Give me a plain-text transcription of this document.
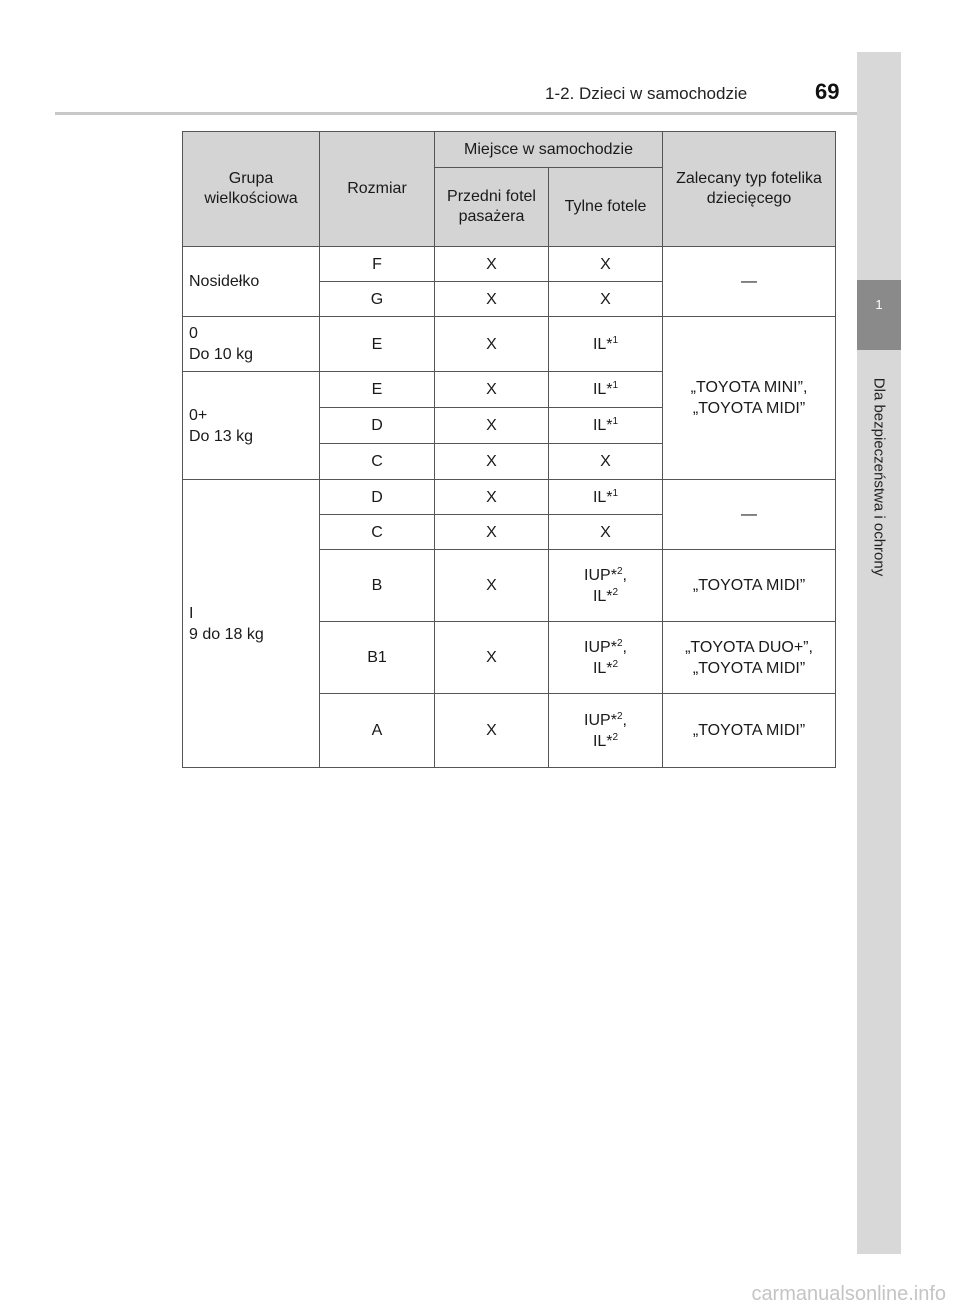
1-2. Dzieci w samochodzie	69
1
Dla bezpieczeństwa i ochrony
Grupa wielkościowa	Rozmiar	Miejsce w samochodzie		Zalecany typ fotelika dziecięcego
		Przedni fotel pasażera	Tylne fotele	
Nosidełko	F	X	X	—
	G	X	X	

0
Do 10 kg	E	X	IL*$^1$	„TOYOTA MINI”,
„TOYOTA MIDI”

0+
Do 13 kg	E	X	IL*$^1$
	D	X	IL*$^1$
	C	X	X	

I
9 do 18 kg	D	X	IL*$^1$	—
	C	X	X	
	B	X	IUP*$^2$,
IL*$^2$	„TOYOTA MIDI”
	B1	X	IUP*$^2$,
IL*$^2$	„TOYOTA DUO+”,
„TOYOTA MIDI”

	A	X	IUP*$^2$,
IL*$^2$	„TOYOTA MIDI”
carmanualsonline.info
